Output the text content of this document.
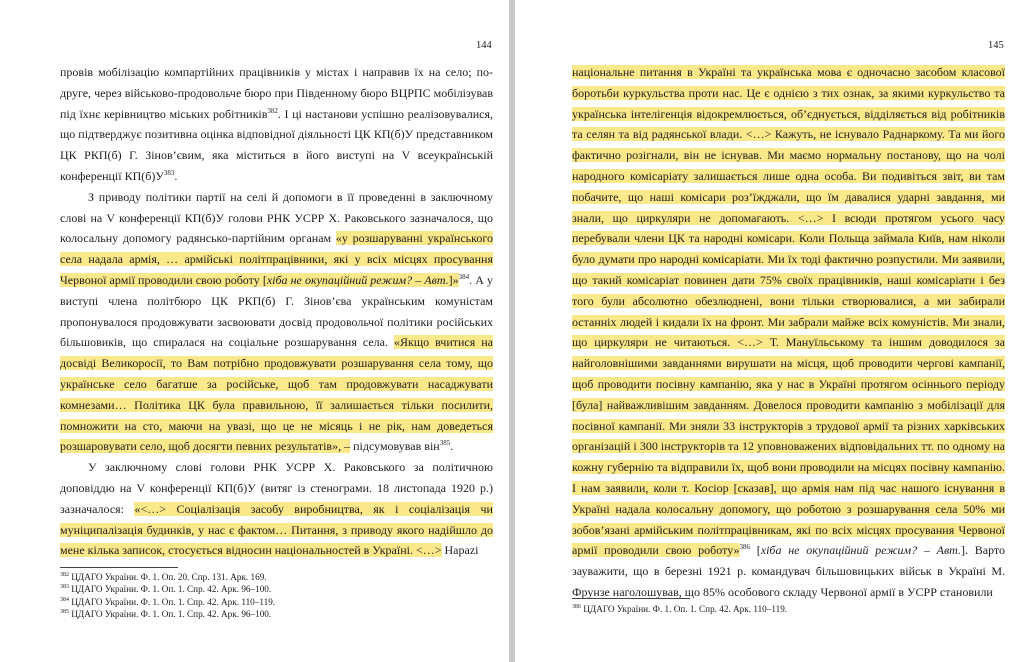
144

провів мобілізацію компартійних працівників у містах і направив їх на село; по-друге, через військово-продовольче бюро при Південному бюро ВЦРПС мобілізував під їхнє керівництво міських робітників$^{382}$. І ці настанови успішно реалізовувалися, що підтверджує позитивна оцінка відповідної діяльності ЦК КП(б)У представником ЦК РКП(б) Г. Зінов’євим, яка міститься в його виступі на V всеукраїнській конференції $КП(б)У^{383}$.

З приводу політики партії на селі й допомоги в її проведенні в заключному слові на V конференції КП(б)У голови РНК УСРР Х. Раковського зазначалося, що колосальну допомогу радянсько-партійним органам «у розшаруванні українського села надала армія, … армійські політпрацівники, які у всіх місцях просування Червоної армії проводили свою роботу [хіба не окупаційний режим? – Авт.]»$^{384}$. А у виступі члена політбюро ЦК РКП(б) Г. Зінов’єва українським комуністам пропонувалося продовжувати засвоювати досвід продовольчої політики російських більшовиків, що спиралася на соціальне розшарування села. «Якщо вчитися на досвіді Великоросії, то Вам потрібно продовжувати розшарування села тому, що українське село багатше за російське, щоб там продовжувати насаджувати комнезами… Політика ЦК була правильною, її залишається тільки посилити, помножити на сто, маючи на увазі, що це не місяць і не рік, нам доведеться розшаровувати село, щоб досягти певних результатів», – підсумовував він$^{385}$.

У заключному слові голови РНК УСРР Х. Раковського за політичною доповіддю на V конференції КП(б)У (витяг із стенограми. 18 листопада 1920 р.) зазначалося: «<…> Соціалізація засобу виробництва, як і соціалізація чи муніципалізація будинків, у нас є фактом… Питання, з приводу якого надійшло до мене кілька записок, стосується відносин національностей в Україні. <…> Нарazi

$^{382}$ ЦДАГО України. Ф. 1. Оп. 20. Спр. 131. Арк. 169.
$^{383}$ ЦДАГО України. Ф. 1. Оп. 1. Спр. 42. Арк. 96–100.
$^{384}$ ЦДАГО України. Ф. 1. Оп. 1. Спр. 42. Арк. 110–119.
$^{385}$ ЦДАГО України. Ф. 1. Оп. 1. Спр. 42. Арк. 96–100.
145

національне питання в Україні та українська мова є одночасно засобом класової боротьби куркульства проти нас. Це є однією з тих ознак, за якими куркульство та українська інтелігенція відокремлюється, об’єднується, відділяється від робітників та селян та від радянської влади. <…> Кажуть, не існувало Раднаркому. Та ми його фактично розігнали, він не існував. Ми маємо нормальну постанову, що на чолі народного комісаріату залишається лише одна особа. Ви подивіться звіт, ви там побачите, що наші комісари роз’їжджали, що їм давалися ударні завдання, ми знали, що циркуляри не допомагають. <…> І всюди протягом усього часу перебували члени ЦК та народні комісари. Коли Польща займала Київ, нам ніколи було думати про народні комісаріати. Ми їх тоді фактично розпустили. Ми заявили, що такий комісаріат повинен дати 75% своїх працівників, наші комісаріати і без того були абсолютно обезлюднені, вони тільки створювалися, а ми забирали останніх людей і кидали їх на фронт. Ми забрали майже всіх комуністів. Ми знали, що циркуляри не читаються. <…> Т. Мануїльському та іншим доводилося за найголовнішими завданнями вирушати на місця, щоб проводити чергові кампанії, щоб проводити посівну кампанію, яка у нас в Україні протягом осіннього періоду [була] найважливішим завданням. Довелося проводити кампанію з мобілізації для посівної кампанії. Ми зняли 33 інструкторів з трудової армії та різних харківських організацій і 300 інструкторів та 12 уповноважених відповідальних тт. по одному на кожну губернію та відправили їх, щоб вони проводили на місцях посівну кампанію. І нам заявили, коли т. Косіор [сказав], що армія нам під час нашого існування в Україні надала колосальну допомогу, що роботою з розшарування села 50% ми зобов’язані армійським політпрацівникам, які по всіх місцях просування Червоної армії проводили свою роботу»$^{386}$ [хіба не окупаційний режим? – Авт.]. Варто зауважити, що в березні 1921 р. командувач більшовицьких військ в Україні М. Фрунзе наголошував, що 85% особового складу Червоної армії в УСРР становили

$^{386}$ ЦДАГО України. Ф. 1. Оп. 1. Спр. 42. Арк. 110–119.
